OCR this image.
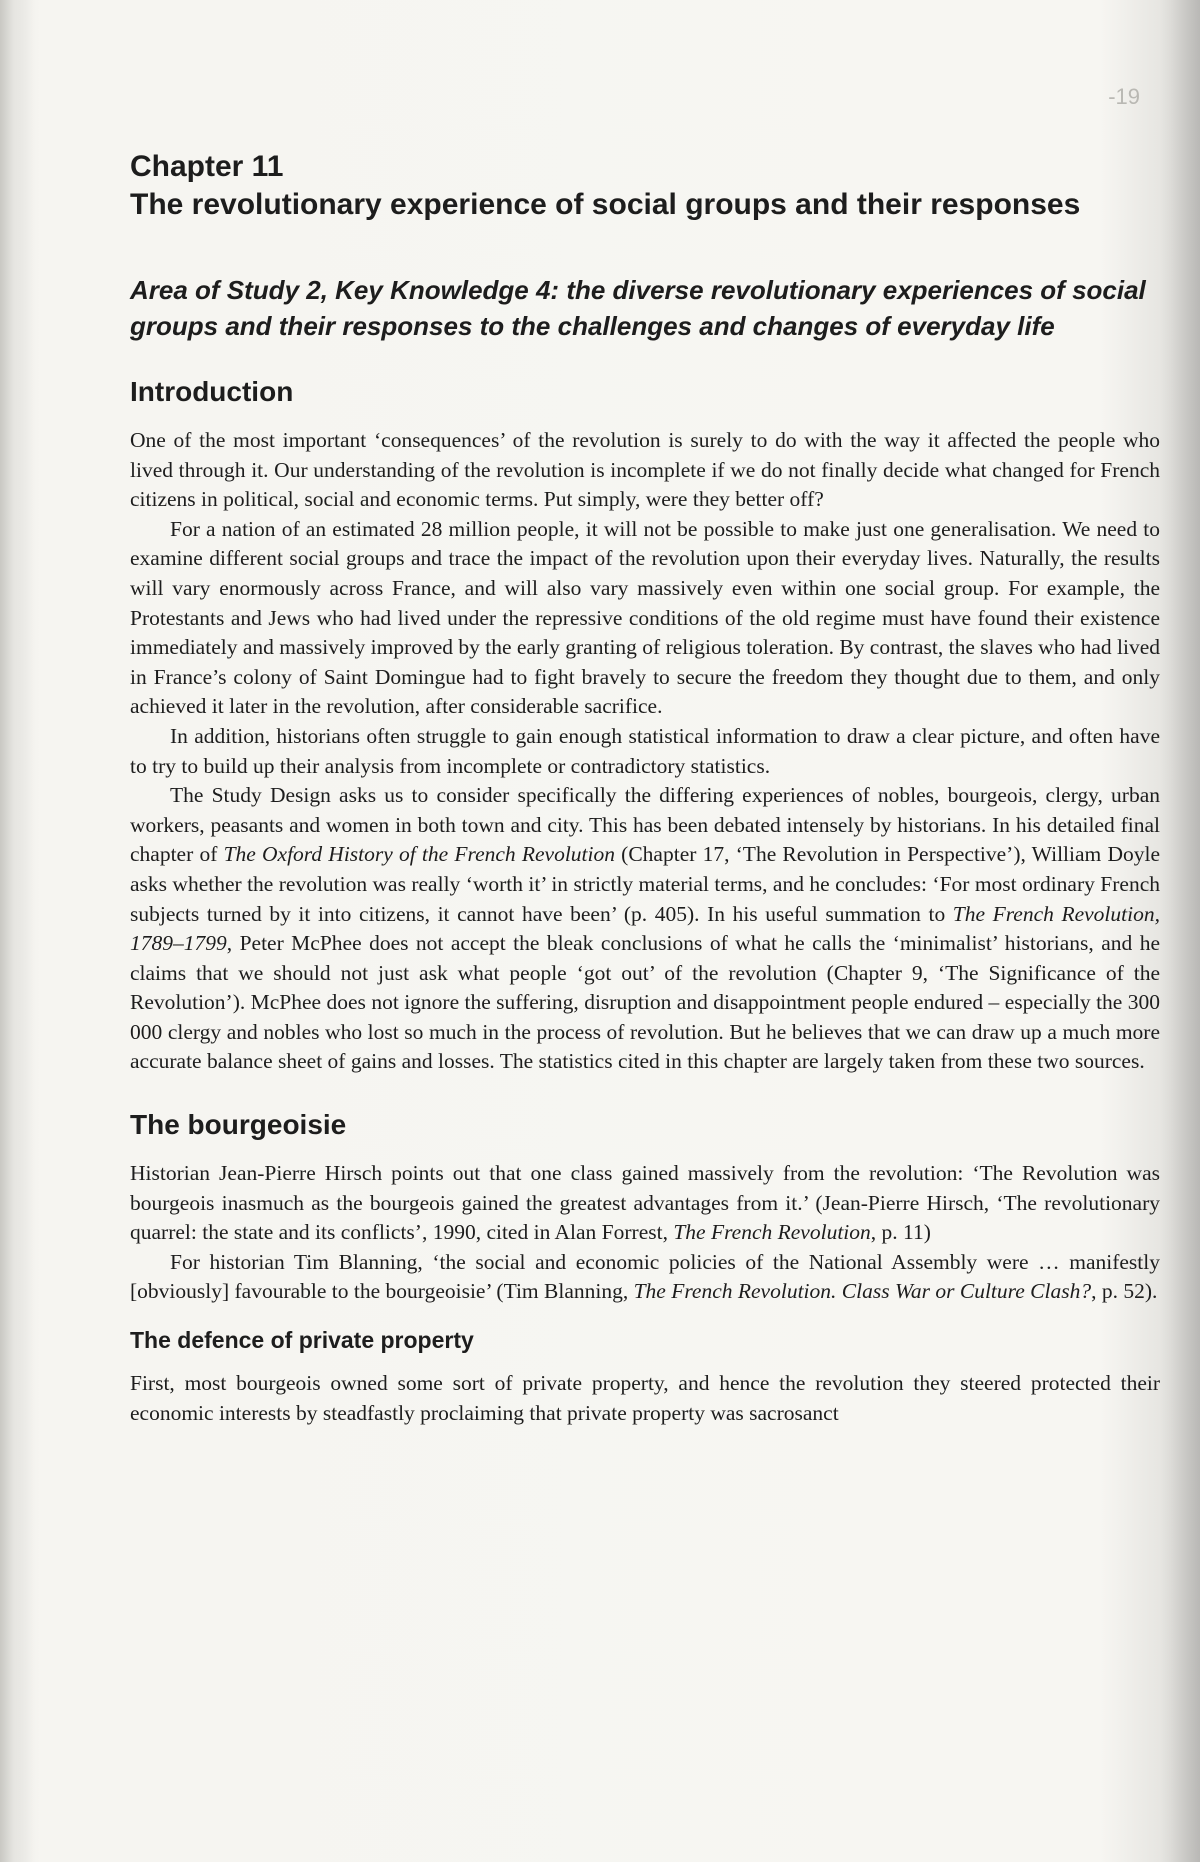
-19
Chapter 11
The revolutionary experience of social groups and their responses
Area of Study 2, Key Knowledge 4: the diverse revolutionary experiences of social groups and their responses to the challenges and changes of everyday life
Introduction

One of the most important ‘consequences’ of the revolution is surely to do with the way it affected the people who lived through it. Our understanding of the revolution is incomplete if we do not finally decide what changed for French citizens in political, social and economic terms. Put simply, were they better off?

For a nation of an estimated 28 million people, it will not be possible to make just one generalisation. We need to examine different social groups and trace the impact of the revolution upon their everyday lives. Naturally, the results will vary enormously across France, and will also vary massively even within one social group. For example, the Protestants and Jews who had lived under the repressive conditions of the old regime must have found their existence immediately and massively improved by the early granting of religious toleration. By contrast, the slaves who had lived in France’s colony of Saint Domingue had to fight bravely to secure the freedom they thought due to them, and only achieved it later in the revolution, after considerable sacrifice.

In addition, historians often struggle to gain enough statistical information to draw a clear picture, and often have to try to build up their analysis from incomplete or contradictory statistics.

The Study Design asks us to consider specifically the differing experiences of nobles, bourgeois, clergy, urban workers, peasants and women in both town and city. This has been debated intensely by historians. In his detailed final chapter of The Oxford History of the French Revolution (Chapter 17, ‘The Revolution in Perspective’), William Doyle asks whether the revolution was really ‘worth it’ in strictly material terms, and he concludes: ‘For most ordinary French subjects turned by it into citizens, it cannot have been’ (p. 405). In his useful summation to The French Revolution, 1789–1799, Peter McPhee does not accept the bleak conclusions of what he calls the ‘minimalist’ historians, and he claims that we should not just ask what people ‘got out’ of the revolution (Chapter 9, ‘The Significance of the Revolution’). McPhee does not ignore the suffering, disruption and disappointment people endured – especially the 300 000 clergy and nobles who lost so much in the process of revolution. But he believes that we can draw up a much more accurate balance sheet of gains and losses. The statistics cited in this chapter are largely taken from these two sources.

The bourgeoisie

Historian Jean-Pierre Hirsch points out that one class gained massively from the revolution: ‘The Revolution was bourgeois inasmuch as the bourgeois gained the greatest advantages from it.’ (Jean-Pierre Hirsch, ‘The revolutionary quarrel: the state and its conflicts’, 1990, cited in Alan Forrest, The French Revolution, p. 11)

For historian Tim Blanning, ‘the social and economic policies of the National Assembly were … manifestly [obviously] favourable to the bourgeoisie’ (Tim Blanning, The French Revolution. Class War or Culture Clash?, p. 52).

The defence of private property

First, most bourgeois owned some sort of private property, and hence the revolution they steered protected their economic interests by steadfastly proclaiming that private property was sacrosanct
